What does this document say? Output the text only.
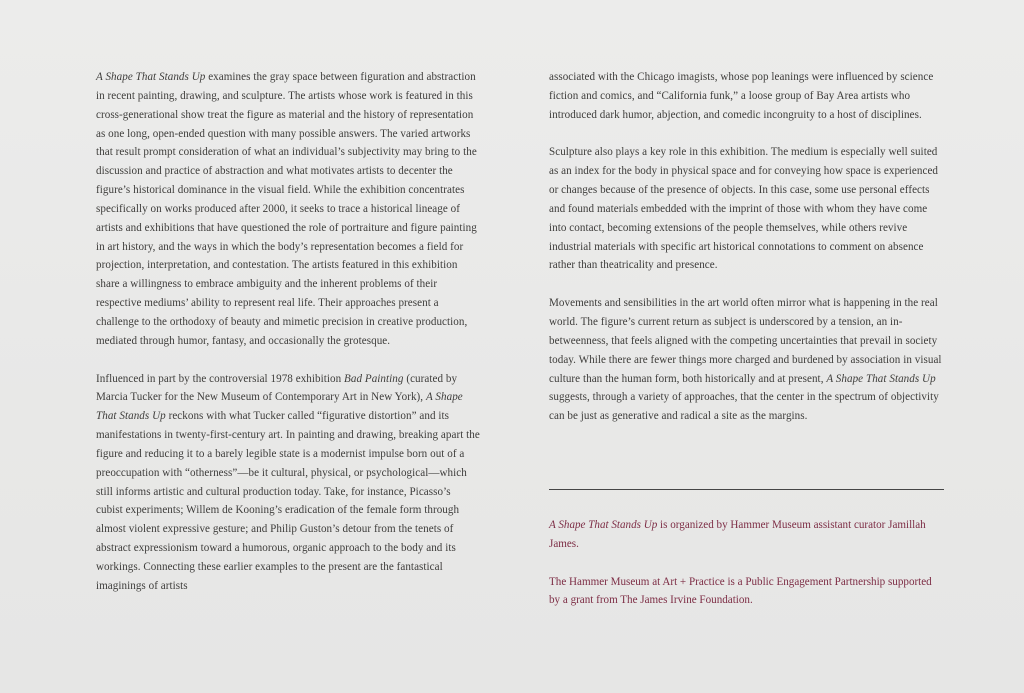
A Shape That Stands Up examines the gray space between figuration and abstraction in recent painting, drawing, and sculpture. The artists whose work is featured in this cross-generational show treat the figure as material and the history of representation as one long, open-ended question with many possible answers. The varied artworks that result prompt consideration of what an individual’s subjectivity may bring to the discussion and practice of abstraction and what motivates artists to decenter the figure’s historical dominance in the visual field. While the exhibition concentrates specifically on works produced after 2000, it seeks to trace a historical lineage of artists and exhibitions that have questioned the role of portraiture and figure painting in art history, and the ways in which the body’s representation becomes a field for projection, interpretation, and contestation. The artists featured in this exhibition share a willingness to embrace ambiguity and the inherent problems of their respective mediums’ ability to represent real life. Their approaches present a challenge to the orthodoxy of beauty and mimetic precision in creative production, mediated through humor, fantasy, and occasionally the grotesque.

Influenced in part by the controversial 1978 exhibition Bad Painting (curated by Marcia Tucker for the New Museum of Contemporary Art in New York), A Shape That Stands Up reckons with what Tucker called “figurative distortion” and its manifestations in twenty-first-century art. In painting and drawing, breaking apart the figure and reducing it to a barely legible state is a modernist impulse born out of a preoccupation with “otherness”—be it cultural, physical, or psychological—which still informs artistic and cultural production today. Take, for instance, Picasso’s cubist experiments; Willem de Kooning’s eradication of the female form through almost violent expressive gesture; and Philip Guston’s detour from the tenets of abstract expressionism toward a humorous, organic approach to the body and its workings. Connecting these earlier examples to the present are the fantastical imaginings of artists

associated with the Chicago imagists, whose pop leanings were influenced by science fiction and comics, and “California funk,” a loose group of Bay Area artists who introduced dark humor, abjection, and comedic incongruity to a host of disciplines.

Sculpture also plays a key role in this exhibition. The medium is especially well suited as an index for the body in physical space and for conveying how space is experienced or changes because of the presence of objects. In this case, some use personal effects and found materials embedded with the imprint of those with whom they have come into contact, becoming extensions of the people themselves, while others revive industrial materials with specific art historical connotations to comment on absence rather than theatricality and presence.

Movements and sensibilities in the art world often mirror what is happening in the real world. The figure’s current return as subject is underscored by a tension, an in-betweenness, that feels aligned with the competing uncertainties that prevail in society today. While there are fewer things more charged and burdened by association in visual culture than the human form, both historically and at present, A Shape That Stands Up suggests, through a variety of approaches, that the center in the spectrum of objectivity can be just as generative and radical a site as the margins.

A Shape That Stands Up is organized by Hammer Museum assistant curator Jamillah James.

The Hammer Museum at Art + Practice is a Public Engagement Partnership supported by a grant from The James Irvine Foundation.
